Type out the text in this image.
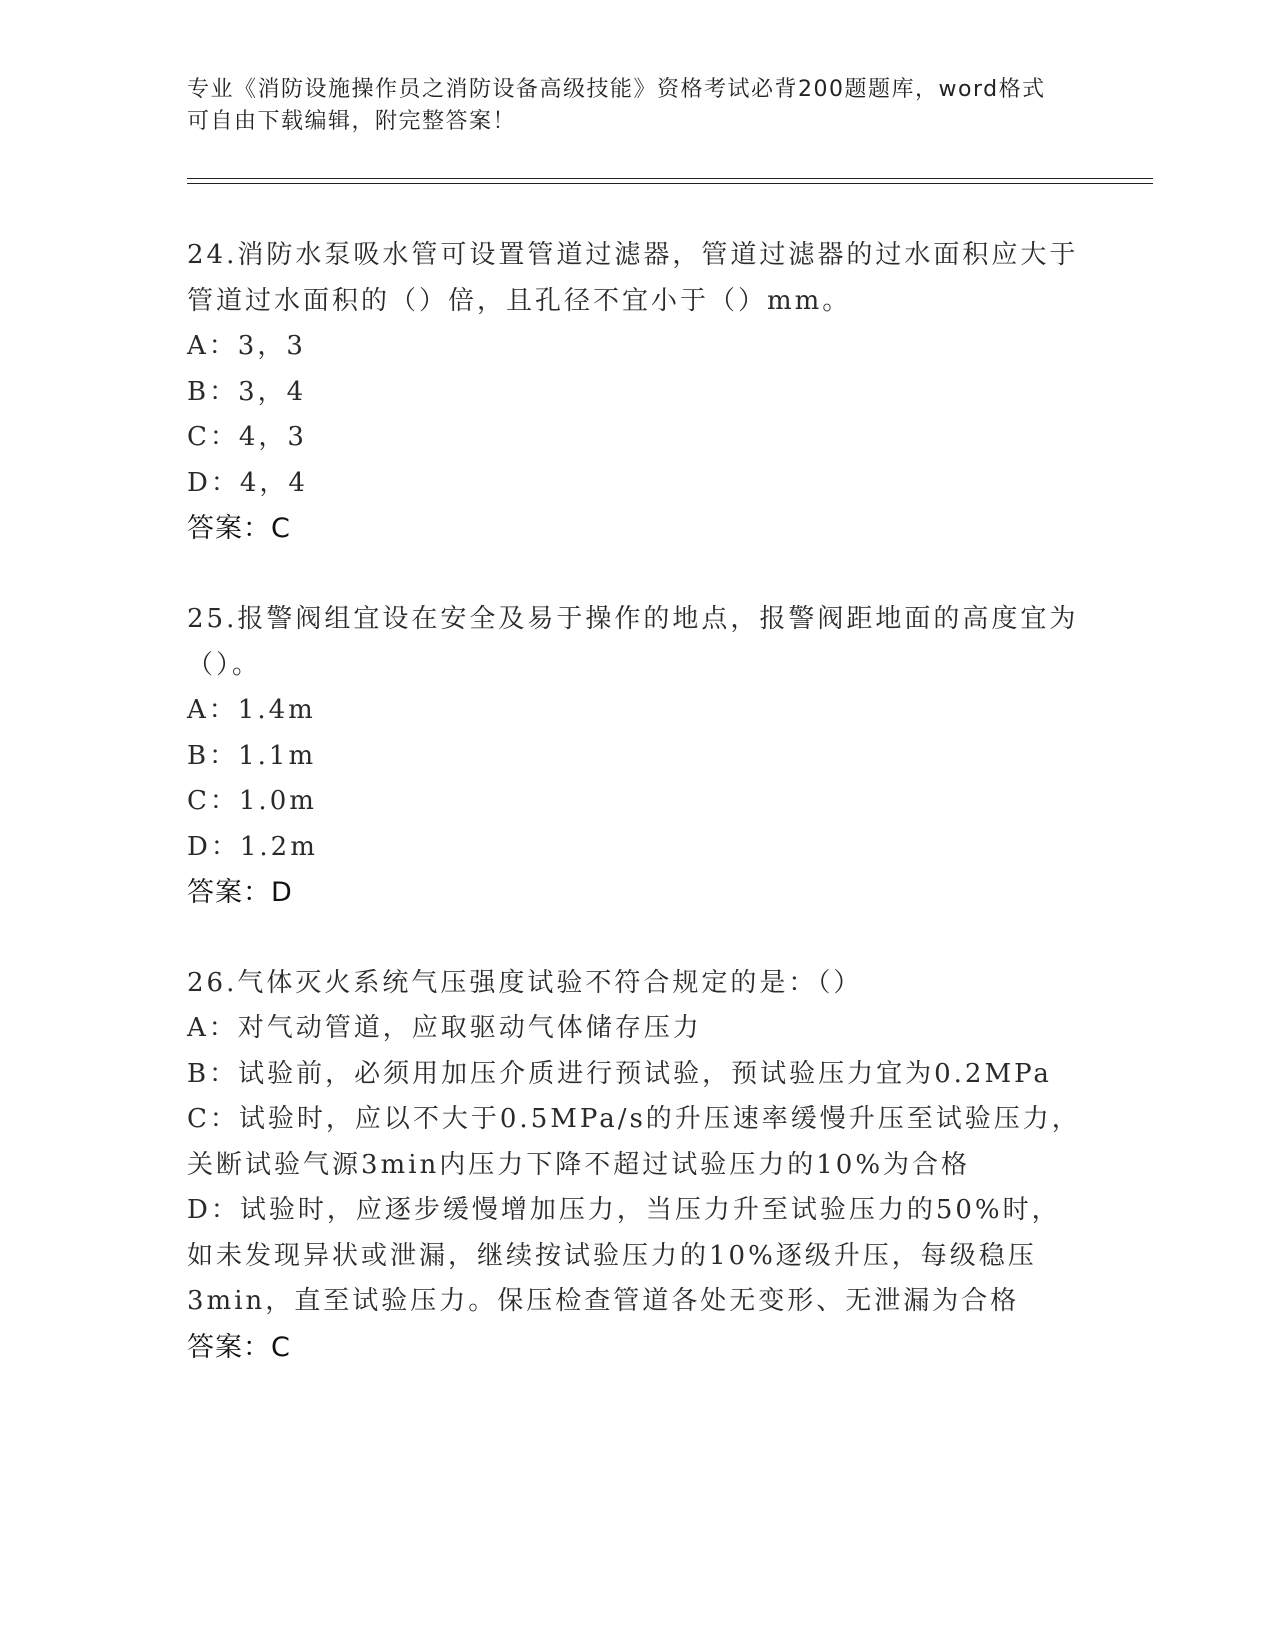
专业《消防设施操作员之消防设备高级技能》资格考试必背200题题库，word格式可自由下载编辑，附完整答案！
24.消防水泵吸水管可设置管道过滤器，管道过滤器的过水面积应大于管道过水面积的（）倍，且孔径不宜小于（）mm。
A：3，3
B：3，4
C：4，3
D：4，4
答案：C
25.报警阀组宜设在安全及易于操作的地点，报警阀距地面的高度宜为（）。
A：1.4m
B：1.1m
C：1.0m
D：1.2m
答案：D
26.气体灭火系统气压强度试验不符合规定的是：（）
A：对气动管道，应取驱动气体储存压力
B：试验前，必须用加压介质进行预试验，预试验压力宜为0.2MPa
C：试验时，应以不大于0.5MPa/s的升压速率缓慢升压至试验压力，关断试验气源3min内压力下降不超过试验压力的10%为合格
D：试验时，应逐步缓慢增加压力，当压力升至试验压力的50%时，如未发现异状或泄漏，继续按试验压力的10%逐级升压，每级稳压3min，直至试验压力。保压检查管道各处无变形、无泄漏为合格
答案：C
